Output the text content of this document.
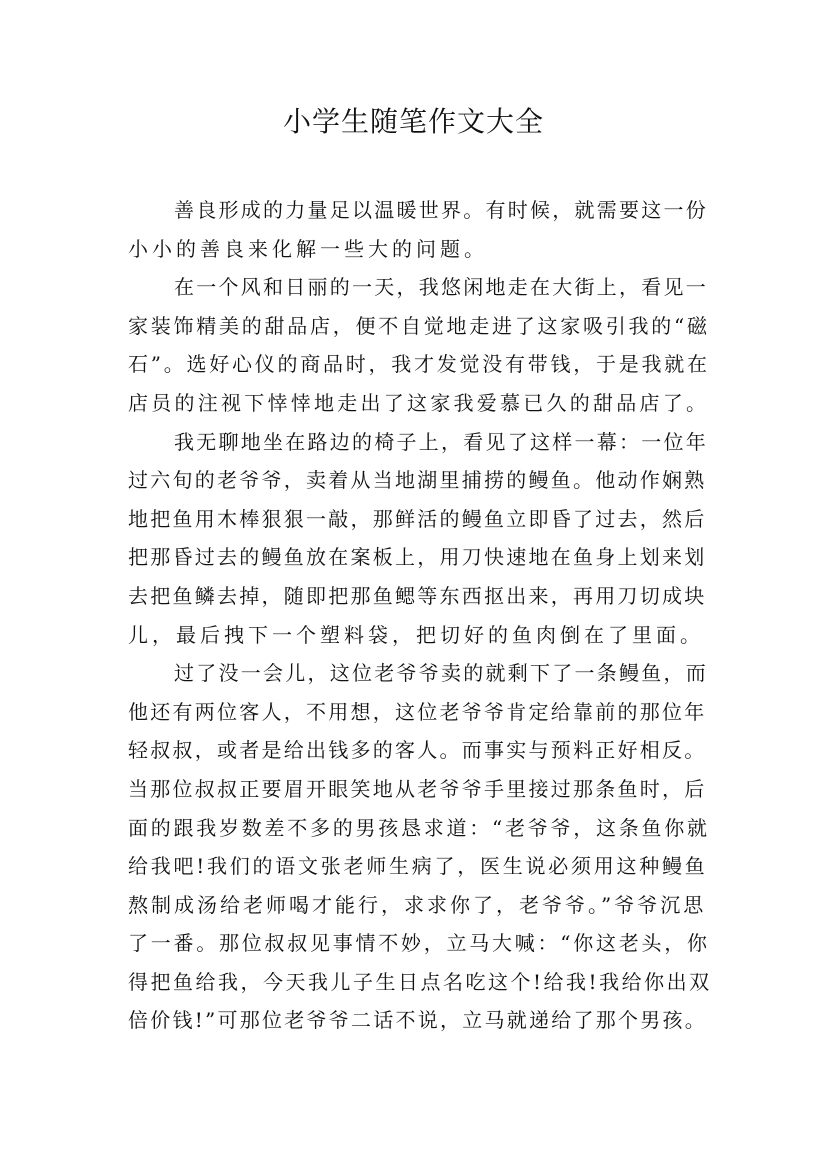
小学生随笔作文大全
善良形成的力量足以温暖世界。有时候，就需要这一份
小小的善良来化解一些大的问题。
在一个风和日丽的一天，我悠闲地走在大街上，看见一
家装饰精美的甜品店，便不自觉地走进了这家吸引我的“磁
石”。选好心仪的商品时，我才发觉没有带钱，于是我就在
店员的注视下悻悻地走出了这家我爱慕已久的甜品店了。
我无聊地坐在路边的椅子上，看见了这样一幕：一位年
过六旬的老爷爷，卖着从当地湖里捕捞的鳗鱼。他动作娴熟
地把鱼用木棒狠狠一敲，那鲜活的鳗鱼立即昏了过去，然后
把那昏过去的鳗鱼放在案板上，用刀快速地在鱼身上划来划
去把鱼鳞去掉，随即把那鱼鳃等东西抠出来，再用刀切成块
儿，最后拽下一个塑料袋，把切好的鱼肉倒在了里面。
过了没一会儿，这位老爷爷卖的就剩下了一条鳗鱼，而
他还有两位客人，不用想，这位老爷爷肯定给靠前的那位年
轻叔叔，或者是给出钱多的客人。而事实与预料正好相反。
当那位叔叔正要眉开眼笑地从老爷爷手里接过那条鱼时，后
面的跟我岁数差不多的男孩恳求道：“老爷爷，这条鱼你就
给我吧!我们的语文张老师生病了，医生说必须用这种鳗鱼
熬制成汤给老师喝才能行，求求你了，老爷爷。”爷爷沉思
了一番。那位叔叔见事情不妙，立马大喊：“你这老头，你
得把鱼给我，今天我儿子生日点名吃这个!给我!我给你出双
倍价钱!”可那位老爷爷二话不说，立马就递给了那个男孩。
